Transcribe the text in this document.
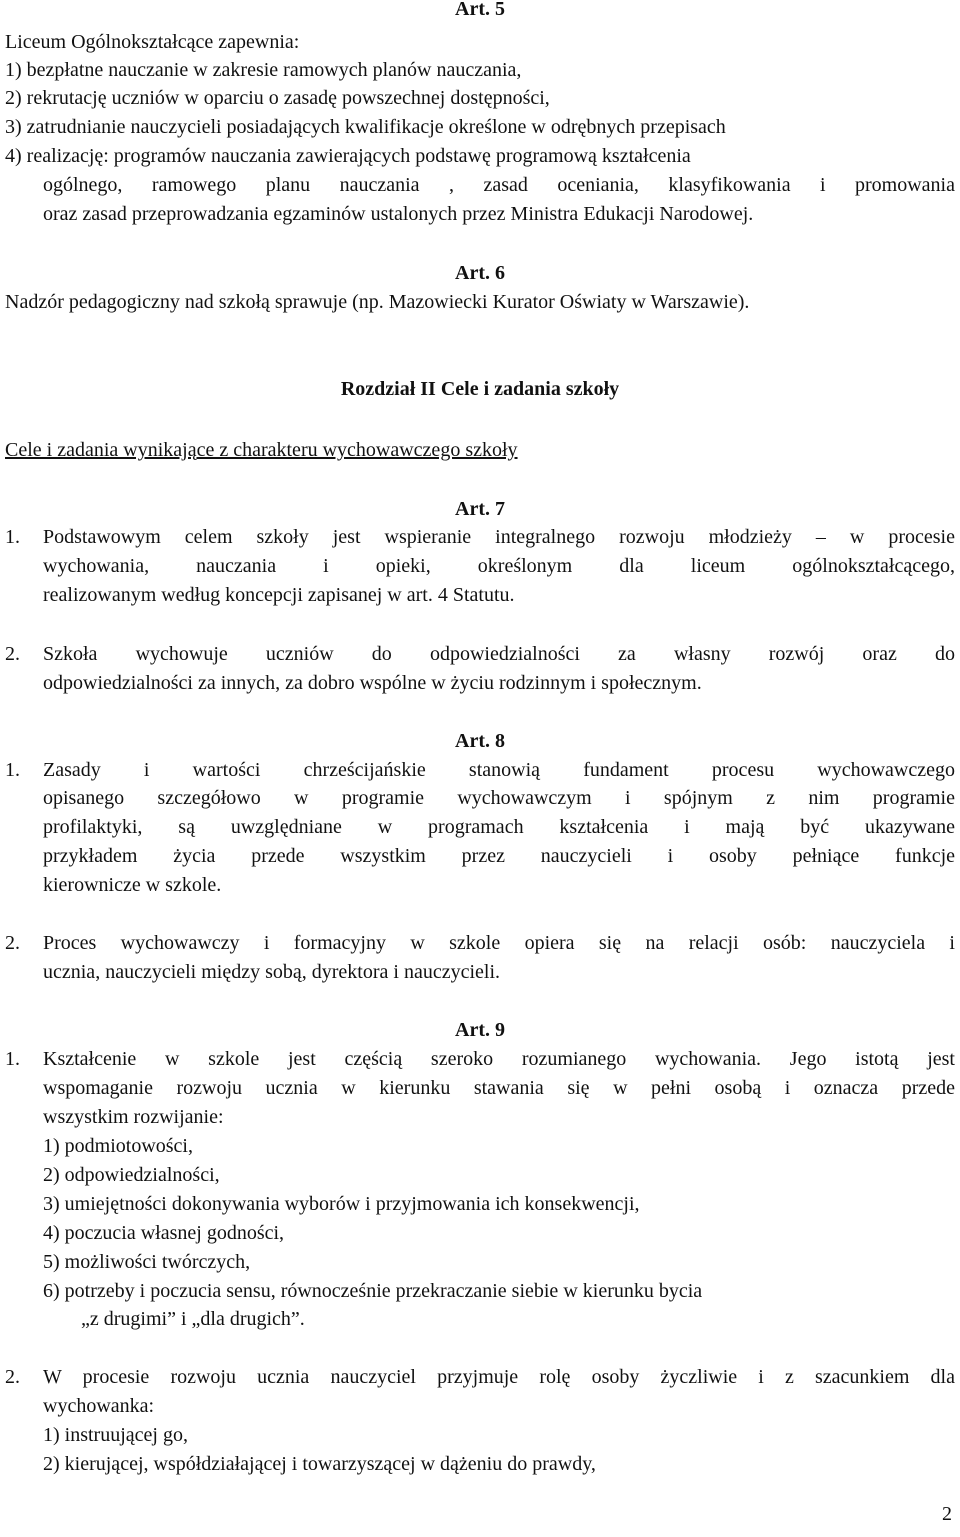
Art. 5
Liceum Ogólnokształcące zapewnia:
1) bezpłatne nauczanie w zakresie ramowych planów nauczania,
2) rekrutację uczniów w oparciu o zasadę powszechnej dostępności,
3) zatrudnianie nauczycieli posiadających kwalifikacje określone w odrębnych przepisach
4) realizację: programów nauczania zawierających podstawę programową kształcenia
ogólnego, ramowego planu nauczania , zasad oceniania, klasyfikowania i promowania
oraz zasad przeprowadzania egzaminów ustalonych przez Ministra Edukacji Narodowej.
Art. 6
Nadzór pedagogiczny nad szkołą sprawuje (np. Mazowiecki Kurator Oświaty w Warszawie).
Rozdział II Cele i zadania szkoły
Cele i zadania wynikające z charakteru wychowawczego szkoły
Art. 7
1. Podstawowym celem szkoły jest wspieranie integralnego rozwoju młodzieży – w procesie
wychowania, nauczania i opieki, określonym dla liceum ogólnokształcącego,
realizowanym według koncepcji zapisanej w art. 4 Statutu.
2. Szkoła wychowuje uczniów do odpowiedzialności za własny rozwój oraz do
odpowiedzialności za innych, za dobro wspólne w życiu rodzinnym i społecznym.
Art. 8
1. Zasady i wartości chrześcijańskie stanowią fundament procesu wychowawczego
opisanego szczegółowo w programie wychowawczym i spójnym z nim programie
profilaktyki, są uwzględniane w programach kształcenia i mają być ukazywane
przykładem życia przede wszystkim przez nauczycieli i osoby pełniące funkcje
kierownicze w szkole.
2. Proces wychowawczy i formacyjny w szkole opiera się na relacji osób: nauczyciela i
ucznia, nauczycieli między sobą, dyrektora i nauczycieli.
Art. 9
1. Kształcenie w szkole jest częścią szeroko rozumianego wychowania. Jego istotą jest
wspomaganie rozwoju ucznia w kierunku stawania się w pełni osobą i oznacza przede
wszystkim rozwijanie:
1) podmiotowości,
2) odpowiedzialności,
3) umiejętności dokonywania wyborów i przyjmowania ich konsekwencji,
4) poczucia własnej godności,
5) możliwości twórczych,
6) potrzeby i poczucia sensu, równocześnie przekraczanie siebie w kierunku bycia
„z drugimi” i „dla drugich”.
2. W procesie rozwoju ucznia nauczyciel przyjmuje rolę osoby życzliwie i z szacunkiem dla
wychowanka:
1) instruującej go,
2) kierującej, współdziałającej i towarzyszącej w dążeniu do prawdy,
2
